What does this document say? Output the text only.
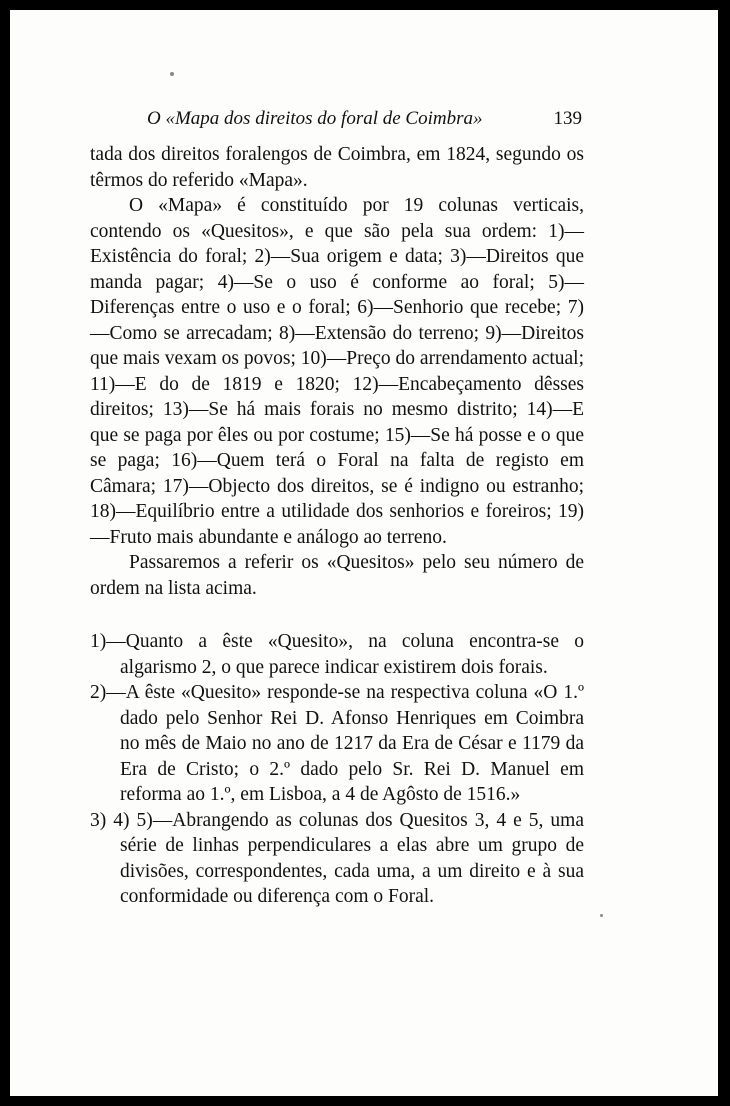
O «Mapa dos direitos do foral de Coimbra»	139

tada dos direitos foralengos de Coimbra, em 1824, segundo os têrmos do referido «Mapa».

O «Mapa» é constituído por 19 colunas verticais, contendo os «Quesitos», e que são pela sua ordem: 1)—Existência do foral; 2)—Sua origem e data; 3)—Direitos que manda pagar; 4)—Se o uso é conforme ao foral; 5)—Diferenças entre o uso e o foral; 6)—Senhorio que recebe; 7)—Como se arrecadam; 8)—Extensão do terreno; 9)—Direitos que mais vexam os povos; 10)—Preço do arrendamento actual; 11)—E do de 1819 e 1820; 12)—Encabeçamento dêsses direitos; 13)—Se há mais forais no mesmo distrito; 14)—E que se paga por êles ou por costume; 15)—Se há posse e o que se paga; 16)—Quem terá o Foral na falta de registo em Câmara; 17)—Objecto dos direitos, se é indigno ou estranho; 18)—Equilíbrio entre a utilidade dos senhorios e foreiros; 19)—Fruto mais abundante e análogo ao terreno.

Passaremos a referir os «Quesitos» pelo seu número de ordem na lista acima.

1)—Quanto a êste «Quesito», na coluna encontra-se o algarismo 2, o que parece indicar existirem dois forais.

2)—A êste «Quesito» responde-se na respectiva coluna «O 1.º dado pelo Senhor Rei D. Afonso Henriques em Coimbra no mês de Maio no ano de 1217 da Era de César e 1179 da Era de Cristo; o 2.º dado pelo Sr. Rei D. Manuel em reforma ao 1.º, em Lisboa, a 4 de Agôsto de 1516.»

3) 4) 5)—Abrangendo as colunas dos Quesitos 3, 4 e 5, uma série de linhas perpendiculares a elas abre um grupo de divisões, correspondentes, cada uma, a um direito e à sua conformidade ou diferença com o Foral.
